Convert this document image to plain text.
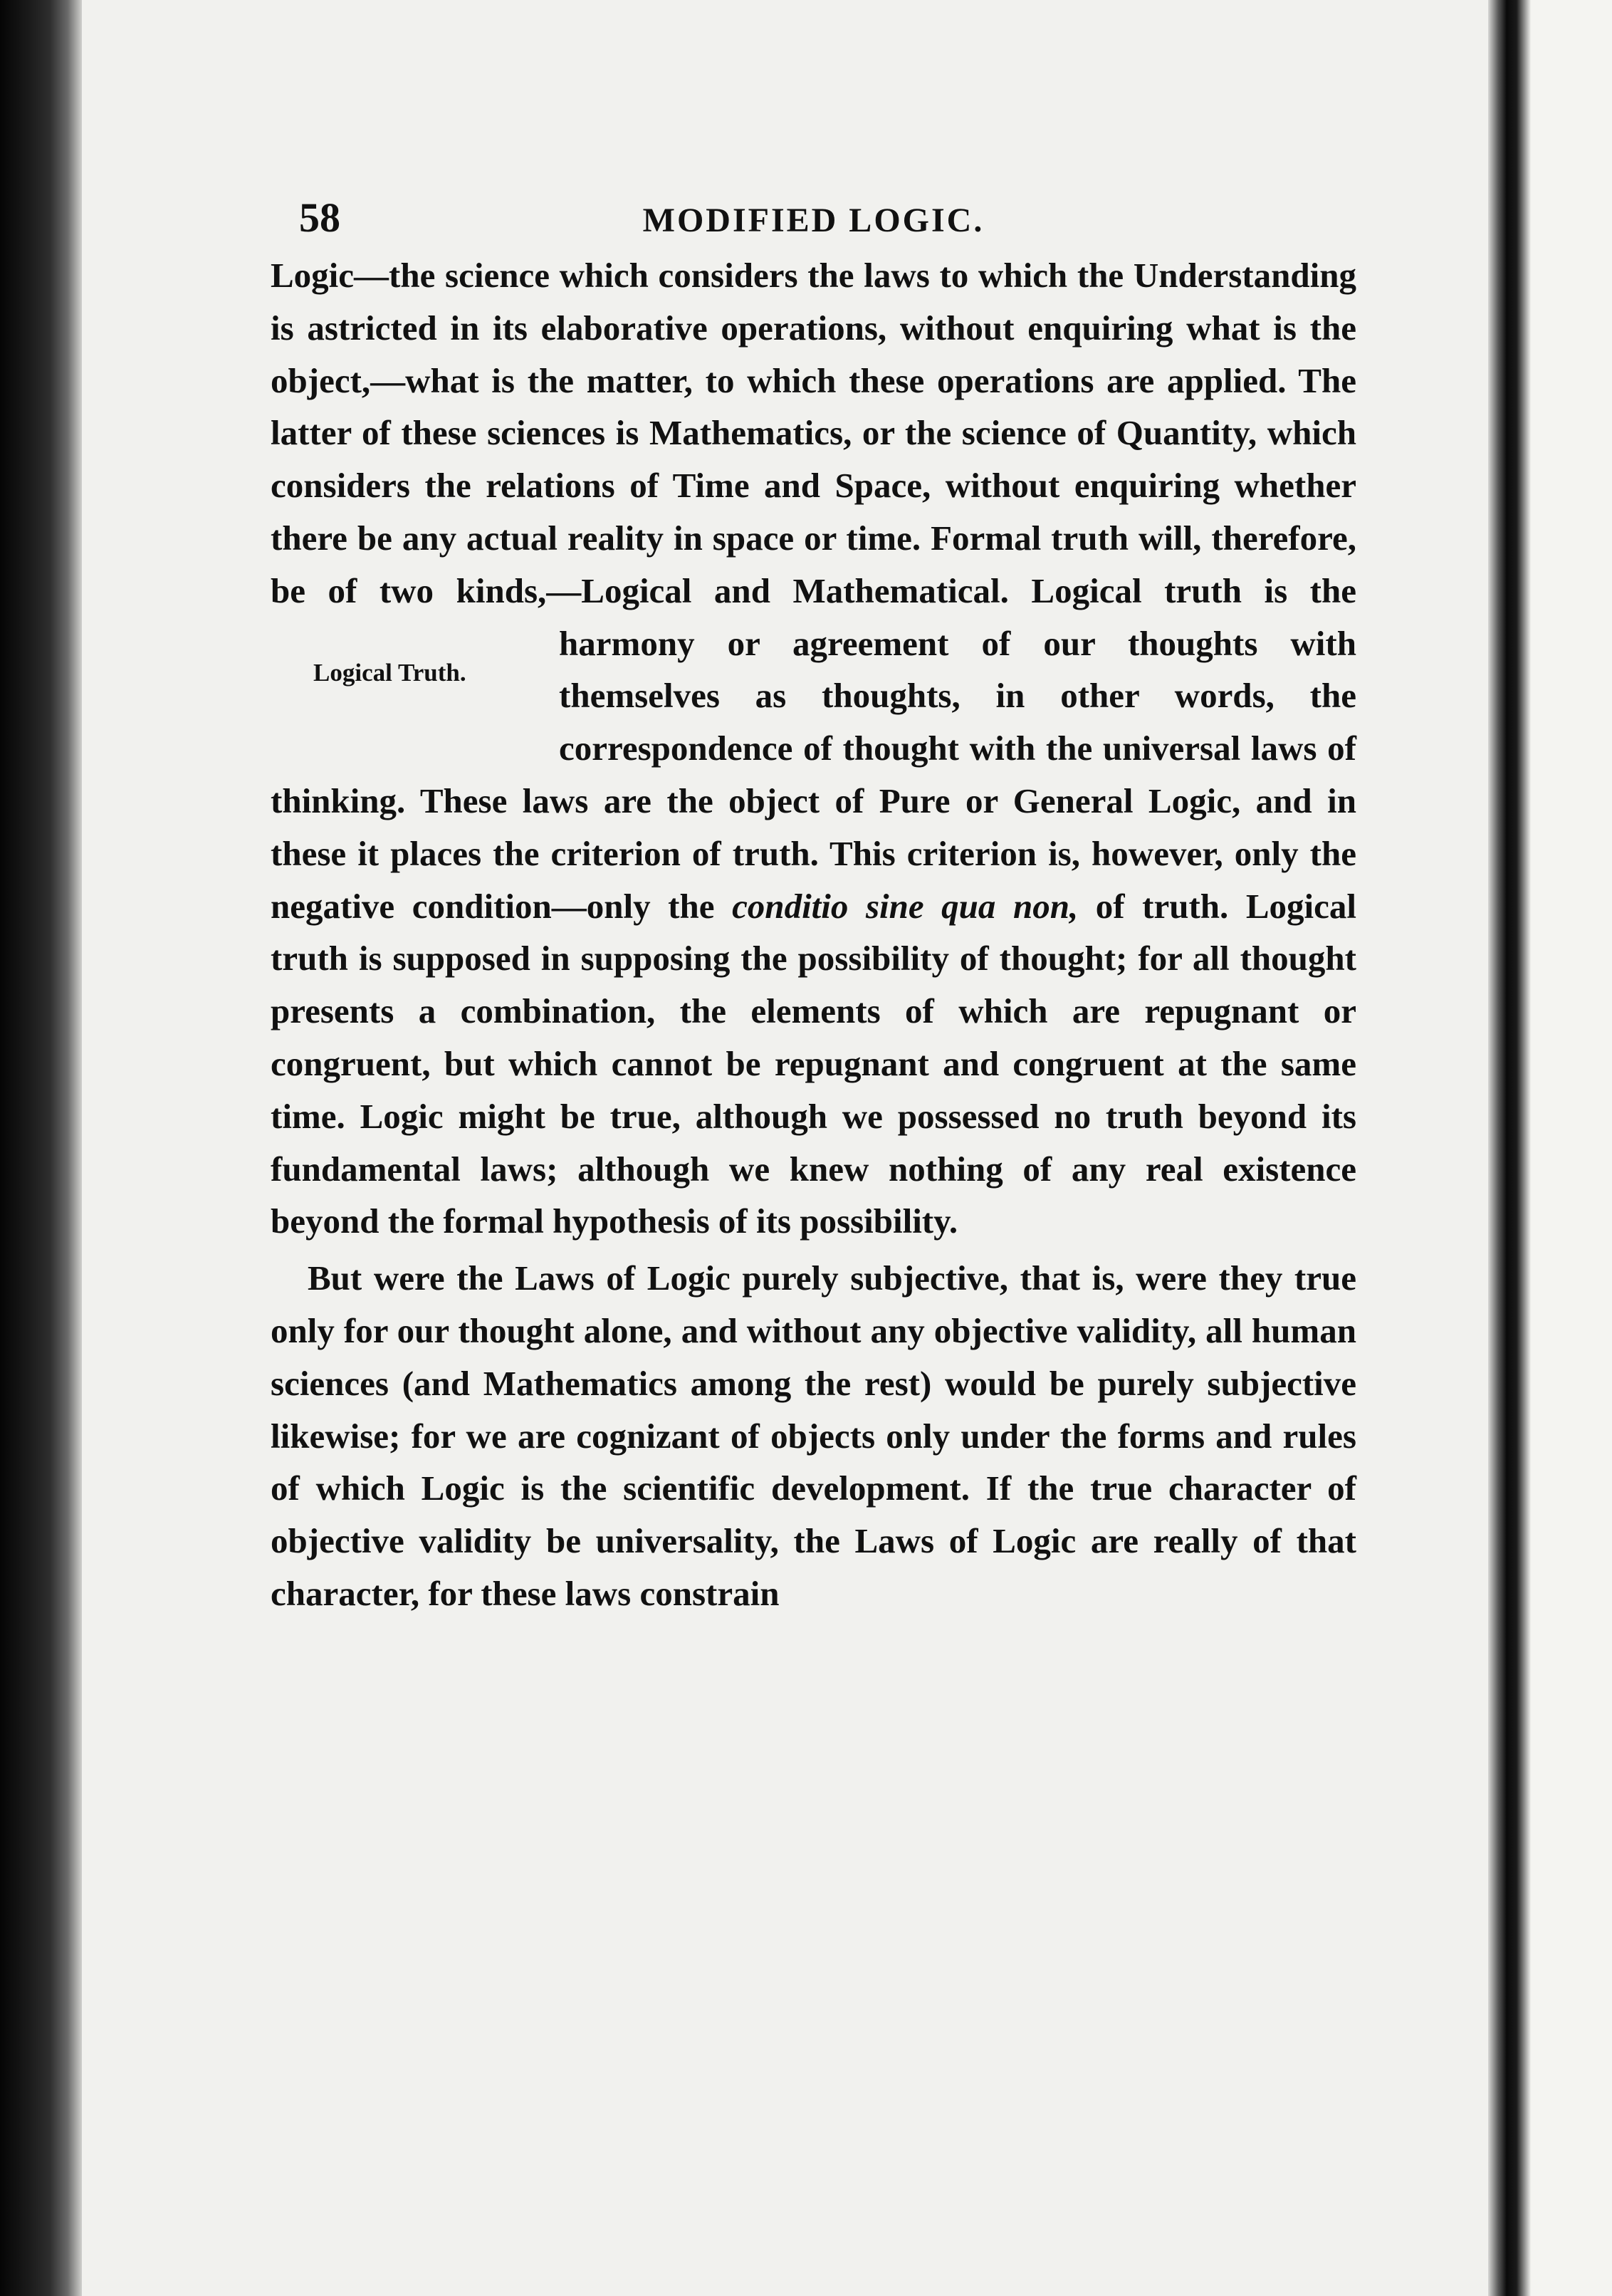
58	MODIFIED LOGIC.

Logic—the science which considers the laws to which the Understanding is astricted in its elaborative operations, without enquiring what is the object,—what is the matter, to which these operations are applied. The latter of these sciences is Mathematics, or the science of Quantity, which considers the relations of Time and Space, without enquiring whether there be any actual reality in space or time. Formal truth will, therefore, be of two kinds,—Logical and Mathematical. Logical truth is the harmony or agreement of
Logical Truth.
our thoughts with themselves as thoughts, in other words, the correspondence of thought with the universal laws of thinking. These laws are the object of Pure or General Logic, and in these it places the criterion of truth. This criterion is, however, only the negative condition—only the conditio sine qua non, of truth. Logical truth is supposed in supposing the possibility of thought; for all thought presents a combination, the elements of which are repugnant or congruent, but which cannot be repugnant and congruent at the same time. Logic might be true, although we possessed no truth beyond its fundamental laws; although we knew nothing of any real existence beyond the formal hypothesis of its possibility.

But were the Laws of Logic purely subjective, that is, were they true only for our thought alone, and without any objective validity, all human sciences (and Mathematics among the rest) would be purely subjective likewise; for we are cognizant of objects only under the forms and rules of which Logic is the scientific development. If the true character of objective validity be universality, the Laws of Logic are really of that character, for these laws constrain
